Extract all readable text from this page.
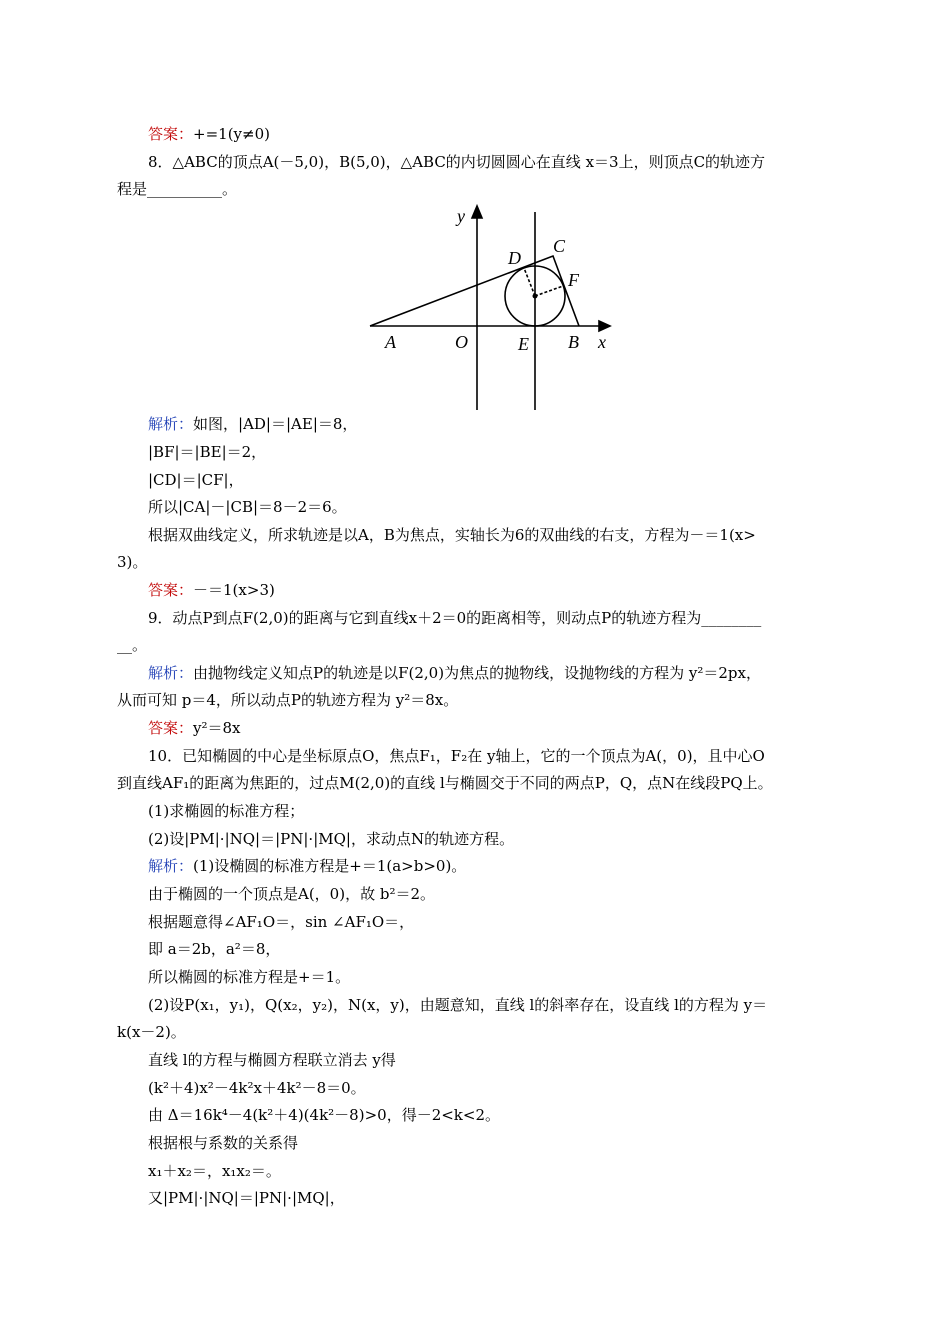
答案：+=1(y≠0)
8．△ABC的顶点A(－5,0)，B(5,0)，△ABC的内切圆圆心在直线 x＝3上，则顶点C的轨迹方
程是__________。
y
x
A	O	E B
C
D
F
解析：如图，|AD|＝|AE|＝8，
|BF|＝|BE|＝2，
|CD|＝|CF|，
所以|CA|－|CB|＝8－2＝6。
根据双曲线定义，所求轨迹是以A，B为焦点，实轴长为6的双曲线的右支，方程为－＝1(x>
3)。
答案：－＝1(x>3)
9．动点P到点F(2,0)的距离与它到直线x＋2＝0的距离相等，则动点P的轨迹方程为________
__。
解析：由抛物线定义知点P的轨迹是以F(2,0)为焦点的抛物线，设抛物线的方程为 y²＝2px，
从而可知 p＝4，所以动点P的轨迹方程为 y²＝8x。
答案：y²＝8x
10．已知椭圆的中心是坐标原点O，焦点F₁，F₂在 y轴上，它的一个顶点为A(，0)，且中心O
到直线AF₁的距离为焦距的，过点M(2,0)的直线 l与椭圆交于不同的两点P，Q，点N在线段PQ上。
(1)求椭圆的标准方程；
(2)设|PM|·|NQ|＝|PN|·|MQ|，求动点N的轨迹方程。
解析：(1)设椭圆的标准方程是+＝1(a>b>0)。
由于椭圆的一个顶点是A(，0)，故 b²＝2。
根据题意得∠AF₁O＝，sin ∠AF₁O＝，
即 a＝2b，a²＝8，
所以椭圆的标准方程是+＝1。
(2)设P(x₁，y₁)，Q(x₂，y₂)，N(x，y)，由题意知，直线 l的斜率存在，设直线 l的方程为 y＝
k(x－2)。
直线 l的方程与椭圆方程联立消去 y得
(k²＋4)x²－4k²x＋4k²－8＝0。
由 Δ＝16k⁴－4(k²＋4)(4k²－8)>0，得－2<k<2。
根据根与系数的关系得
x₁＋x₂＝，x₁x₂＝。
又|PM|·|NQ|＝|PN|·|MQ|，
